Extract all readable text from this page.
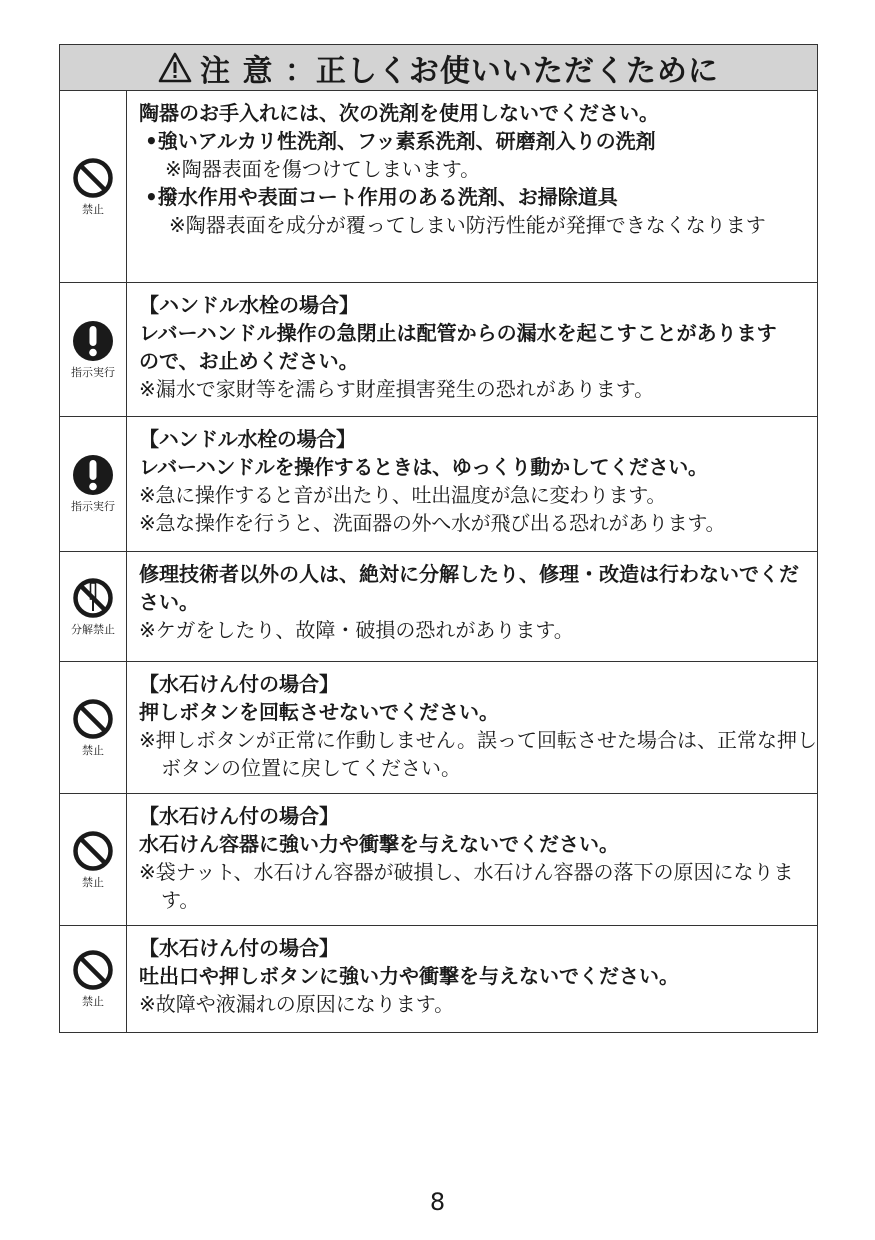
注 意 ：正しくお使いいただくために
禁止
陶器のお手入れには、次の洗剤を使用しないでください。
•強いアルカリ性洗剤、フッ素系洗剤、研磨剤入りの洗剤
※陶器表面を傷つけてしまいます。
•撥水作用や表面コート作用のある洗剤、お掃除道具
※陶器表面を成分が覆ってしまい防汚性能が発揮できなくなります
指示実行
【ハンドル水栓の場合】
レバーハンドル操作の急閉止は配管からの漏水を起こすことがありますので、お止めください。
※漏水で家財等を濡らす財産損害発生の恐れがあります。
指示実行
【ハンドル水栓の場合】
レバーハンドルを操作するときは、ゆっくり動かしてください。
※急に操作すると音が出たり、吐出温度が急に変わります。
※急な操作を行うと、洗面器の外へ水が飛び出る恐れがあります。
分解禁止
修理技術者以外の人は、絶対に分解したり、修理・改造は行わないでください。
※ケガをしたり、故障・破損の恐れがあります。
禁止
【水石けん付の場合】
押しボタンを回転させないでください。
※押しボタンが正常に作動しません。誤って回転させた場合は、正常な押しボタンの位置に戻してください。
禁止
【水石けん付の場合】
水石けん容器に強い力や衝撃を与えないでください。
※袋ナット、水石けん容器が破損し、水石けん容器の落下の原因になります。
禁止
【水石けん付の場合】
吐出口や押しボタンに強い力や衝撃を与えないでください。
※故障や液漏れの原因になります。
8
